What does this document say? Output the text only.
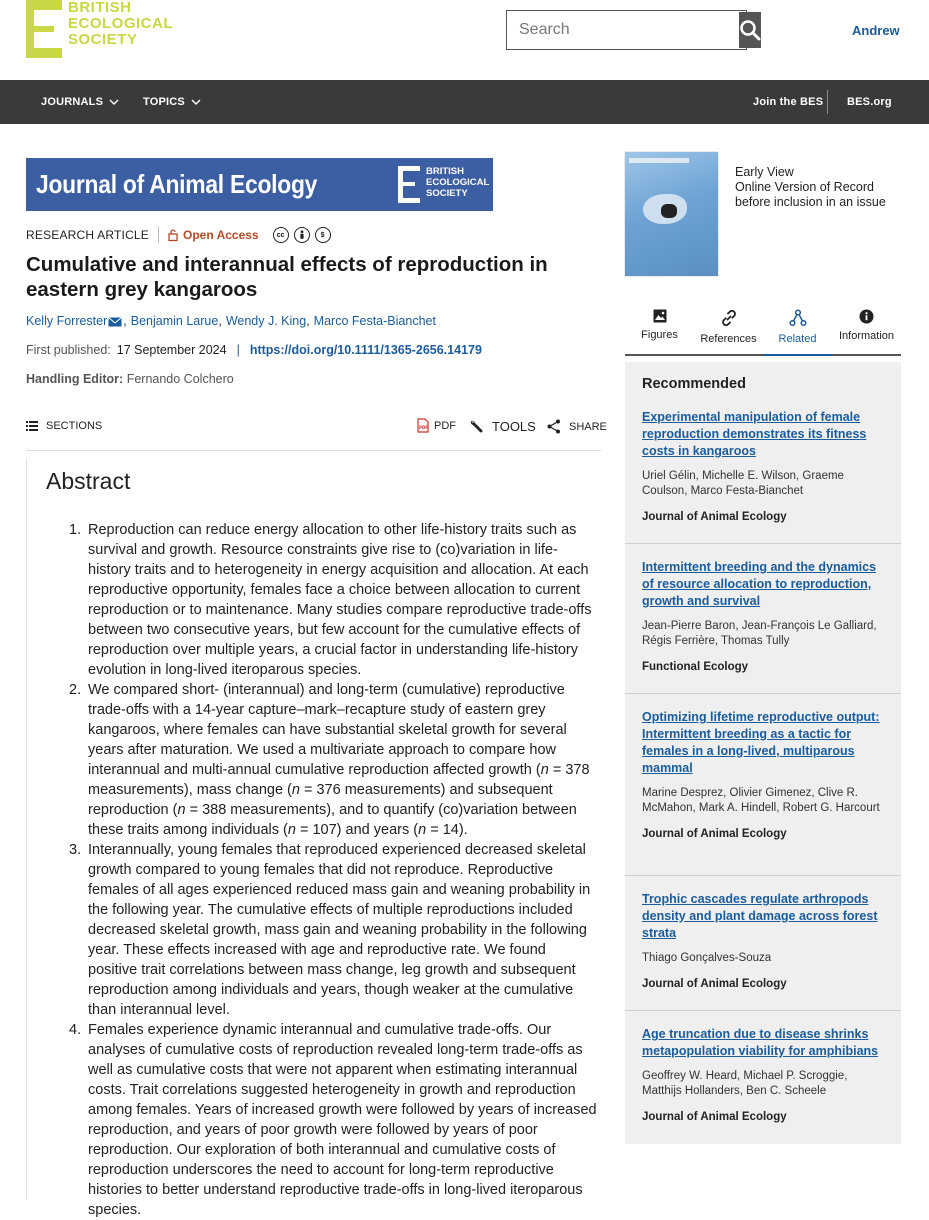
BRITISH
ECOLOGICAL
SOCIETY
Search
Andrew
JOURNALS	TOPICS	Join the BES BES.org
Journal of Animal Ecology	BRITISH
ECOLOGICAL
SOCIETY
RESEARCH ARTICLE	Open Access	cc	$
Cumulative and interannual effects of reproduction in eastern grey kangaroos
Kelly Forrester , Benjamin Larue , Wendy J. King , Marco Festa-Bianchet
First published: 17 September 2024 | https://doi.org/10.1111/1365-2656.14179
Handling Editor: Fernando Colchero
SECTIONS	PDF PDF	TOOLS	SHARE
Abstract
1. Reproduction can reduce energy allocation to other life-history traits such as survival and growth. Resource constraints give rise to (co)variation in life-history traits and to heterogeneity in energy acquisition and allocation. At each reproductive opportunity, females face a choice between allocation to current reproduction or to maintenance. Many studies compare reproductive trade-offs between two consecutive years, but few account for the cumulative effects of reproduction over multiple years, a crucial factor in understanding life-history evolution in long-lived iteroparous species.
2. We compared short- (interannual) and long-term (cumulative) reproductive trade-offs with a 14-year capture–mark–recapture study of eastern grey kangaroos, where females can have substantial skeletal growth for several years after maturation. We used a multivariate approach to compare how interannual and multi-annual cumulative reproduction affected growth (n = 378 measurements), mass change (n = 376 measurements) and subsequent reproduction (n = 388 measurements), and to quantify (co)variation between these traits among individuals (n = 107) and years (n = 14).
3. Interannually, young females that reproduced experienced decreased skeletal growth compared to young females that did not reproduce. Reproductive females of all ages experienced reduced mass gain and weaning probability in the following year. The cumulative effects of multiple reproductions included decreased skeletal growth, mass gain and weaning probability in the following year. These effects increased with age and reproductive rate. We found positive trait correlations between mass change, leg growth and subsequent reproduction among individuals and years, though weaker at the cumulative than interannual level.
4. Females experience dynamic interannual and cumulative trade-offs. Our analyses of cumulative costs of reproduction revealed long-term trade-offs as well as cumulative costs that were not apparent when estimating interannual costs. Trait correlations suggested heterogeneity in growth and reproduction among females. Years of increased growth were followed by years of increased reproduction, and years of poor growth were followed by years of poor reproduction. Our exploration of both interannual and cumulative costs of reproduction underscores the need to account for long-term reproductive histories to better understand reproductive trade-offs in long-lived iteroparous species.
Early View
Online Version of Record
before inclusion in an issue
Figures References Related Information
Recommended
Experimental manipulation of female reproduction demonstrates its fitness costs in kangaroos
Uriel Gélin, Michelle E. Wilson, Graeme Coulson, Marco Festa-Bianchet
Journal of Animal Ecology
Intermittent breeding and the dynamics of resource allocation to reproduction, growth and survival
Jean-Pierre Baron, Jean-François Le Galliard, Régis Ferrière, Thomas Tully
Functional Ecology
Optimizing lifetime reproductive output: Intermittent breeding as a tactic for females in a long-lived, multiparous mammal
Marine Desprez, Olivier Gimenez, Clive R. McMahon, Mark A. Hindell, Robert G. Harcourt
Journal of Animal Ecology
Trophic cascades regulate arthropods density and plant damage across forest strata
Thiago Gonçalves-Souza
Journal of Animal Ecology
Age truncation due to disease shrinks metapopulation viability for amphibians
Geoffrey W. Heard, Michael P. Scroggie, Matthijs Hollanders, Ben C. Scheele
Journal of Animal Ecology
